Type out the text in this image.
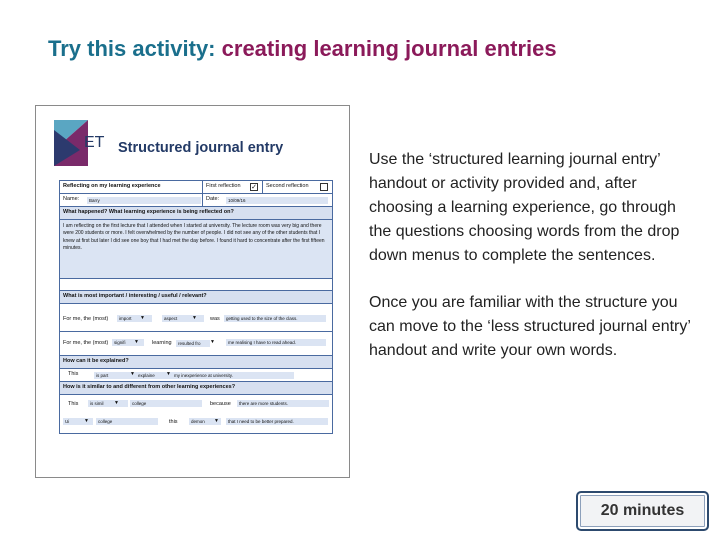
Try this activity: creating learning journal entries
ET Structured journal entry
Reflecting on my learning experience	First reflection ✓ Second reflection
Name:	Barry	Date:	10/09/16
What happened? What learning experience is being reflected on?

I am reflecting on the first lecture that I attended when I started at university. The lecture room was very big and there were 200 students or more. I felt overwhelmed by the number of people. I did not see any of the other students that I knew at first but later I did see one boy that I had met the day before. I found it hard to concentrate after the first fifteen minutes.

What is most important / interesting / useful / relevant?
For me, the (most)	import	▼	aspect	▼ was	getting used to the size of the class.
For me, the (most)	signifi	▼ learning	resulted fro	▼	me realising I have to read ahead.
How can it be explained?
This	is part	▼ explaine	▼ my inexperience at university.
How is it similar to and different from other learning experiences?
This	is simil	▼	college	because	there are more students.
Ui	▼	college	this	demon	▼	that I need to be better prepared.

Use the ‘structured learning journal entry’ handout or activity provided and, after choosing a learning experience, go through the questions choosing words from the drop down menus to complete the sentences.

Once you are familiar with the structure you can move to the ‘less structured journal entry’ handout and write your own words.

20 minutes
